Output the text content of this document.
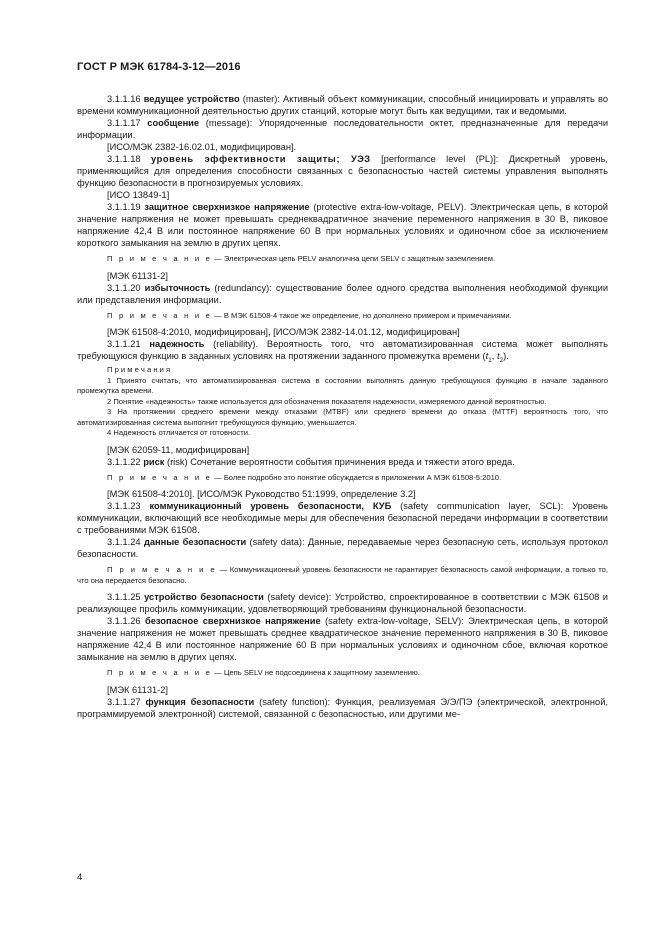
ГОСТ Р МЭК 61784-3-12—2016

3.1.1.16 ведущее устройство (master): Активный объект коммуникации, способный инициировать и управлять во времени коммуникационной деятельностью других станций, которые могут быть как ведущими, так и ведомыми.

3.1.1.17 сообщение (message): Упорядоченные последовательности октет, предназначенные для передачи информации.

[ИСО/МЭК 2382-16.02.01, модифицирован].

3.1.1.18 уровень эффективности защиты; УЭЗ [performance level (PL)]: Дискретный уровень, применяющийся для определения способности связанных с безопасностью частей системы управления выполнять функцию безопасности в прогнозируемых условиях.

[ИСО 13849-1]

3.1.1.19 защитное сверхнизкое напряжение (protective extra-low-voltage, PELV). Электрическая цепь, в которой значение напряжения не может превышать среднеквадратичное значение переменного напряжения в 30 В, пиковое напряжение 42,4 В или постоянное напряжение 60 В при нормальных условиях и одиночном сбое за исключением короткого замыкания на землю в других цепях.

П р и м е ч а н и е — Электрическая цепь PELV аналогична цепи SELV с защитным заземлением.

[МЭК 61131-2]

3.1.1.20 избыточность (redundancy): существование более одного средства выполнения необходимой функции или представления информации.

П р и м е ч а н и е — В МЭК 61508-4 такое же определение, но дополнено примером и примечаниями.

[МЭК 61508-4:2010, модифицирован], [ИСО/МЭК 2382-14.01.12, модифицирован]

3.1.1.21 надежность (reliability). Вероятность того, что автоматизированная система может выполнять требующуюся функцию в заданных условиях на протяжении заданного промежутка времени ($t_1$, $t_2$).

П р и м е ч а н и я

1 Принято считать, что автоматизированная система в состоянии выполнять данную требующуюся функцию в начале заданного промежутка времени.

2 Понятие «надежность» также используется для обозначения показателя надежности, измеряемого данной вероятностью.

3 На протяжении среднего времени между отказами (MTBF) или среднего времени до отказа (MTTF) вероятность того, что автоматизированная система выполнит требующуюся функцию, уменьшается.

4 Надежность отличается от готовности.

[МЭК 62059-11, модифицирован]

3.1.1.22 риск (risk) Сочетание вероятности события причинения вреда и тяжести этого вреда.

П р и м е ч а н и е — Более подробно это понятие обсуждается в приложении А МЭК 61508-5:2010.

[МЭК 61508-4:2010]. [ИСО/МЭК Руководство 51:1999, определение 3.2]

3.1.1.23 коммуникационный уровень безопасности, КУБ (safety communication layer, SCL): Уровень коммуникации, включающий все необходимые меры для обеспечения безопасной передачи информации в соответствии с требованиями МЭК 61508.

3.1.1.24 данные безопасности (safety data): Данные, передаваемые через безопасную сеть, используя протокол безопасности.

П р и м е ч а н и е — Коммуникационный уровень безопасности не гарантирует безопасность самой информации, а только то, что она передается безопасно.

3.1.1.25 устройство безопасности (safety device): Устройство, спроектированное в соответствии с МЭК 61508 и реализующее профиль коммуникации, удовлетворяющий требованиям функциональной безопасности.

3.1.1.26 безопасное сверхнизкое напряжение (safety extra-low-voltage, SELV): Электрическая цепь, в которой значение напряжения не может превышать среднее квадратическое значение переменного напряжения в 30 В, пиковое напряжение 42,4 В или постоянное напряжение 60 В при нормальных условиях и одиночном сбое, включая короткое замыкание на землю в других цепях.

П р и м е ч а н и е — Цепь SELV не подсоединена к защитному заземлению.

[МЭК 61131-2]

3.1.1.27 функция безопасности (safety function): Функция, реализуемая Э/Э/ПЭ (электрической, электронной, программируемой электронной) системой, связанной с безопасностью, или другими ме-

4
